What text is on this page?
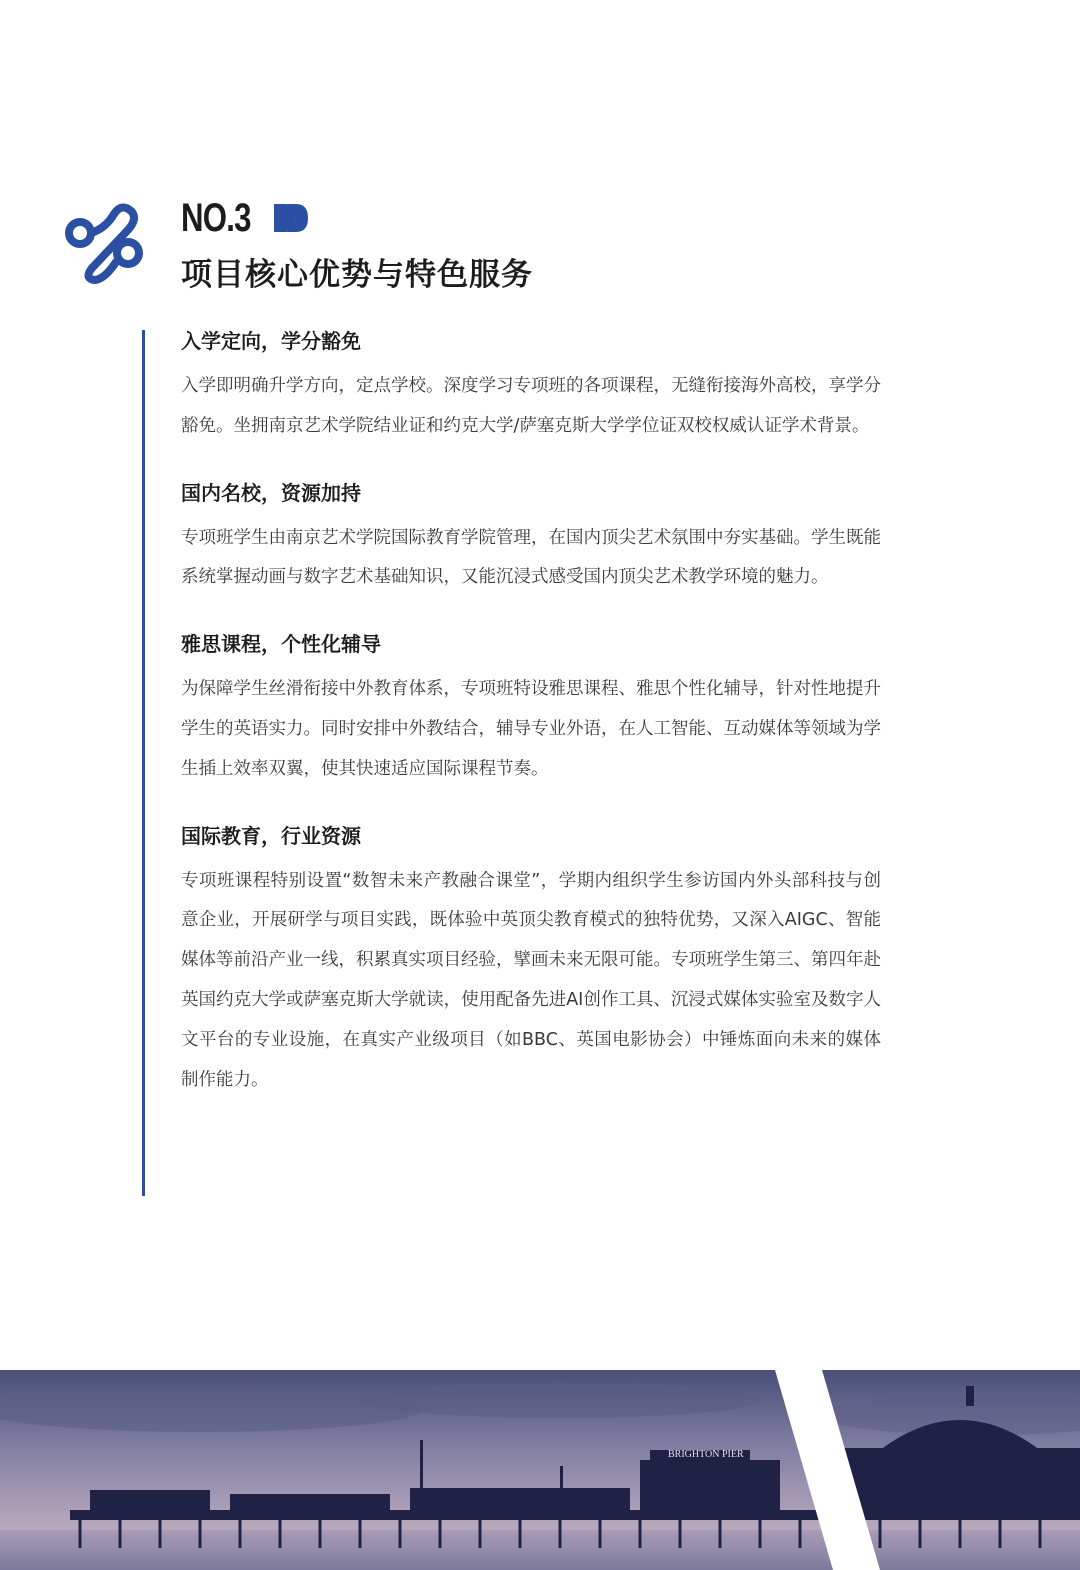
NO.3
项目核心优势与特色服务
入学定向，学分豁免

入学即明确升学方向，定点学校。深度学习专项班的各项课程，无缝衔接海外高校，享学分豁免。坐拥南京艺术学院结业证和约克大学/萨塞克斯大学学位证双校权威认证学术背景。

国内名校，资源加持

专项班学生由南京艺术学院国际教育学院管理，在国内顶尖艺术氛围中夯实基础。学生既能系统掌握动画与数字艺术基础知识，又能沉浸式感受国内顶尖艺术教学环境的魅力。

雅思课程，个性化辅导

为保障学生丝滑衔接中外教育体系，专项班特设雅思课程、雅思个性化辅导，针对性地提升学生的英语实力。同时安排中外教结合，辅导专业外语，在人工智能、互动媒体等领域为学生插上效率双翼，使其快速适应国际课程节奏。

国际教育，行业资源

专项班课程特别设置“数智未来产教融合课堂”，学期内组织学生参访国内外头部科技与创意企业，开展研学与项目实践，既体验中英顶尖教育模式的独特优势，又深入AIGC、智能媒体等前沿产业一线，积累真实项目经验，擘画未来无限可能。专项班学生第三、第四年赴英国约克大学或萨塞克斯大学就读，使用配备先进AI创作工具、沉浸式媒体实验室及数字人文平台的专业设施，在真实产业级项目（如BBC、英国电影协会）中锤炼面向未来的媒体制作能力。

BRIGHTON PIER
